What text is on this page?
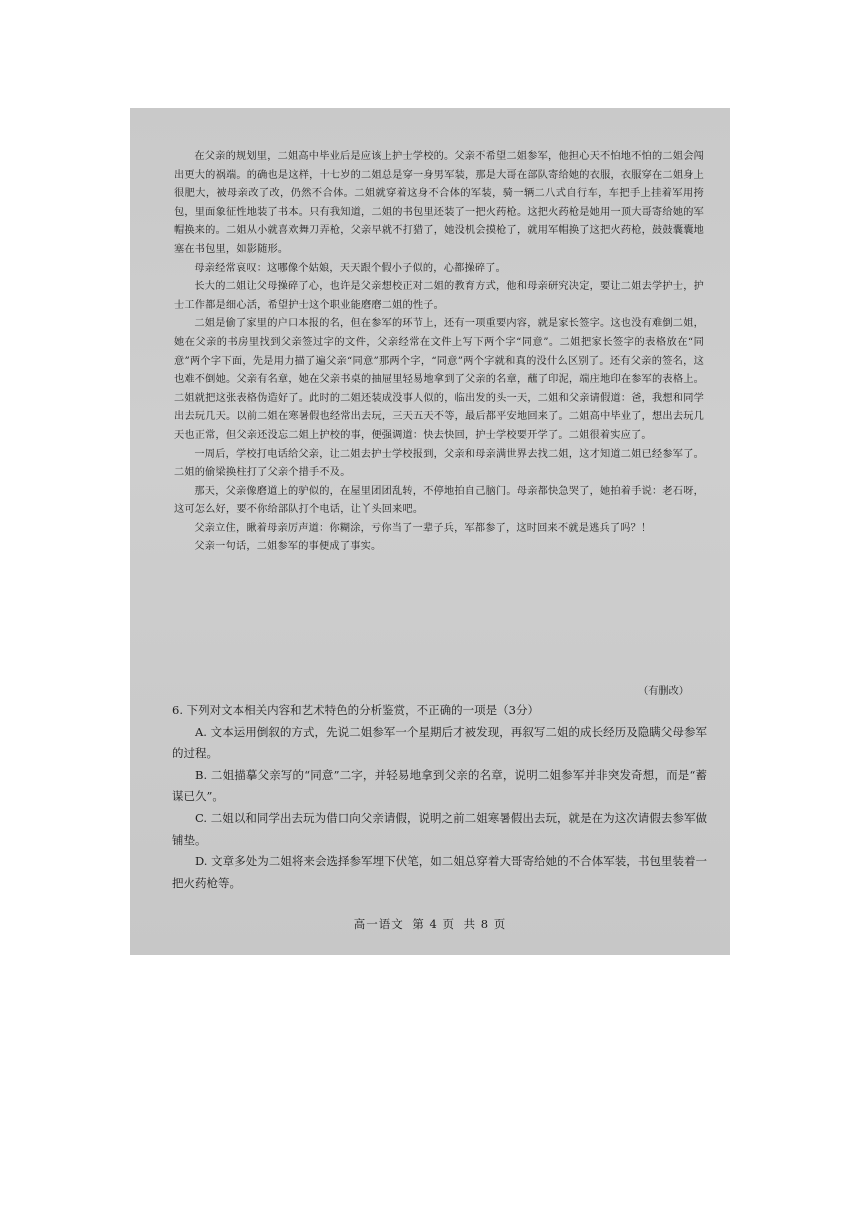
在父亲的规划里，二姐高中毕业后是应该上护士学校的。父亲不希望二姐参军，他担心天不怕地不怕的二姐会闯出更大的祸端。的确也是这样，十七岁的二姐总是穿一身男军装，那是大哥在部队寄给她的衣服，衣服穿在二姐身上很肥大，被母亲改了改，仍然不合体。二姐就穿着这身不合体的军装，骑一辆二八式自行车，车把手上挂着军用挎包，里面象征性地装了书本。只有我知道，二姐的书包里还装了一把火药枪。这把火药枪是她用一顶大哥寄给她的军帽换来的。二姐从小就喜欢舞刀弄枪，父亲早就不打猎了，她没机会摸枪了，就用军帽换了这把火药枪，鼓鼓囊囊地塞在书包里，如影随形。

母亲经常哀叹：这哪像个姑娘，天天跟个假小子似的，心都操碎了。

长大的二姐让父母操碎了心，也许是父亲想校正对二姐的教育方式，他和母亲研究决定，要让二姐去学护士，护士工作都是细心活，希望护士这个职业能磨磨二姐的性子。

二姐是偷了家里的户口本报的名，但在参军的环节上，还有一项重要内容，就是家长签字。这也没有难倒二姐，她在父亲的书房里找到父亲签过字的文件，父亲经常在文件上写下两个字“同意”。二姐把家长签字的表格放在“同意”两个字下面，先是用力描了遍父亲“同意”那两个字，“同意”两个字就和真的没什么区别了。还有父亲的签名，这也难不倒她。父亲有名章，她在父亲书桌的抽屉里轻易地拿到了父亲的名章，蘸了印泥，端庄地印在参军的表格上。二姐就把这张表格伪造好了。此时的二姐还装成没事人似的，临出发的头一天，二姐和父亲请假道：爸，我想和同学出去玩几天。以前二姐在寒暑假也经常出去玩，三天五天不等，最后都平安地回来了。二姐高中毕业了，想出去玩几天也正常，但父亲还没忘二姐上护校的事，便强调道：快去快回，护士学校要开学了。二姐很着实应了。

一周后，学校打电话给父亲，让二姐去护士学校报到，父亲和母亲满世界去找二姐，这才知道二姐已经参军了。二姐的偷梁换柱打了父亲个措手不及。

那天，父亲像磨道上的驴似的，在屋里团团乱转，不停地拍自己脑门。母亲都快急哭了，她拍着手说：老石呀，这可怎么好，要不你给部队打个电话，让丫头回来吧。

父亲立住，瞅着母亲厉声道：你糊涂，亏你当了一辈子兵，军都参了，这时回来不就是逃兵了吗？！

父亲一句话，二姐参军的事便成了事实。

（有删改）

6. 下列对文本相关内容和艺术特色的分析鉴赏，不正确的一项是（3分）

A. 文本运用倒叙的方式，先说二姐参军一个星期后才被发现，再叙写二姐的成长经历及隐瞒父母参军的过程。

B. 二姐描摹父亲写的“同意”二字，并轻易地拿到父亲的名章，说明二姐参军并非突发奇想，而是“蓄谋已久”。

C. 二姐以和同学出去玩为借口向父亲请假，说明之前二姐寒暑假出去玩，就是在为这次请假去参军做铺垫。

D. 文章多处为二姐将来会选择参军埋下伏笔，如二姐总穿着大哥寄给她的不合体军装，书包里装着一把火药枪等。

高一语文 第 4 页 共 8 页
